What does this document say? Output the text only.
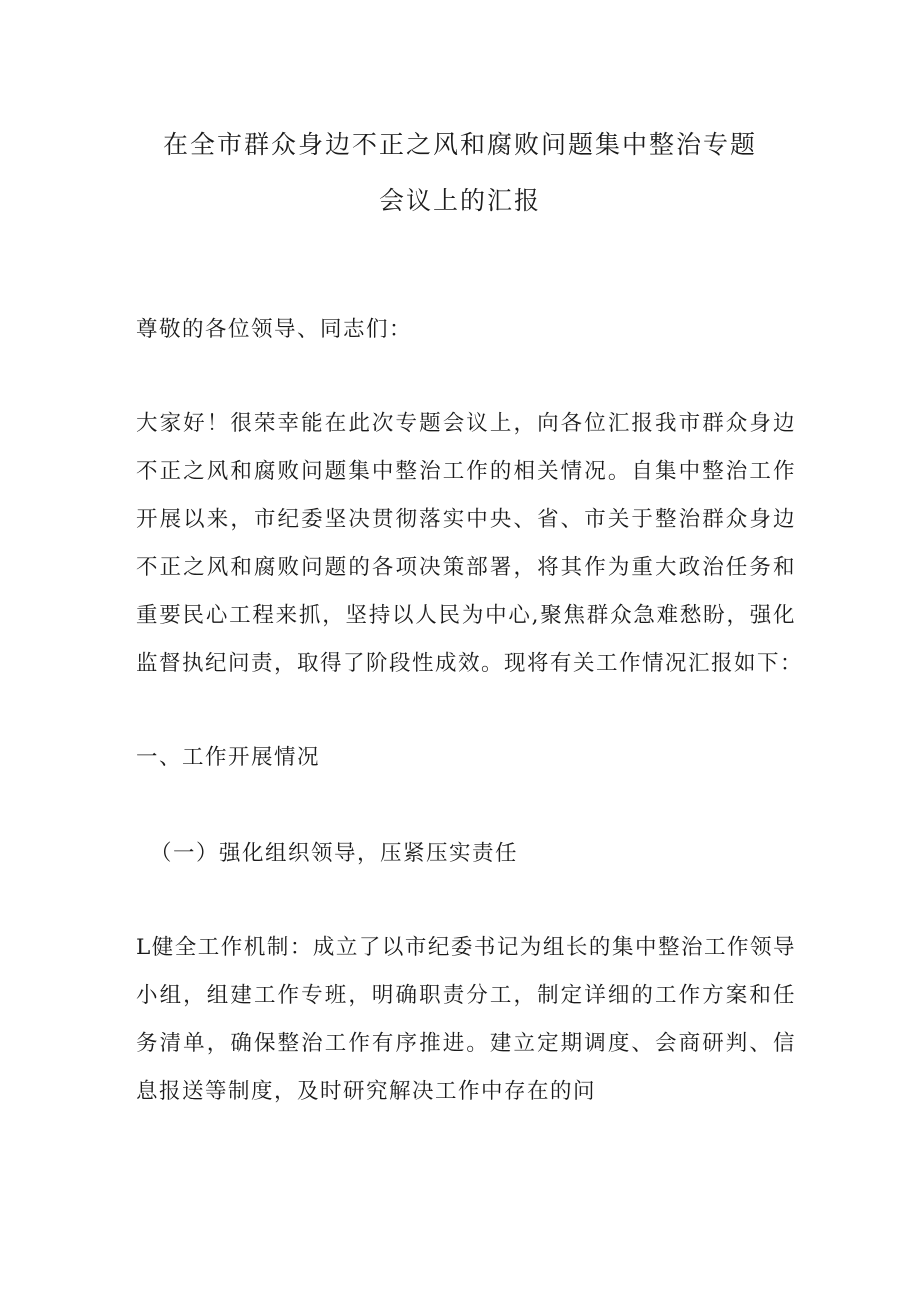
在全市群众身边不正之风和腐败问题集中整治专题
会议上的汇报

尊敬的各位领导、同志们：

大家好！很荣幸能在此次专题会议上，向各位汇报我市群众身边

不正之风和腐败问题集中整治工作的相关情况。自集中整治工作

开展以来，市纪委坚决贯彻落实中央、省、市关于整治群众身边

不正之风和腐败问题的各项决策部署，将其作为重大政治任务和

重要民心工程来抓，坚持以人民为中心,聚焦群众急难愁盼，强化

监督执纪问责，取得了阶段性成效。现将有关工作情况汇报如下：

一、工作开展情况

（一）强化组织领导，压紧压实责任

L健全工作机制：成立了以市纪委书记为组长的集中整治工作领导

小组，组建工作专班，明确职责分工，制定详细的工作方案和任

务清单，确保整治工作有序推进。建立定期调度、会商研判、信

息报送等制度，及时研究解决工作中存在的问
